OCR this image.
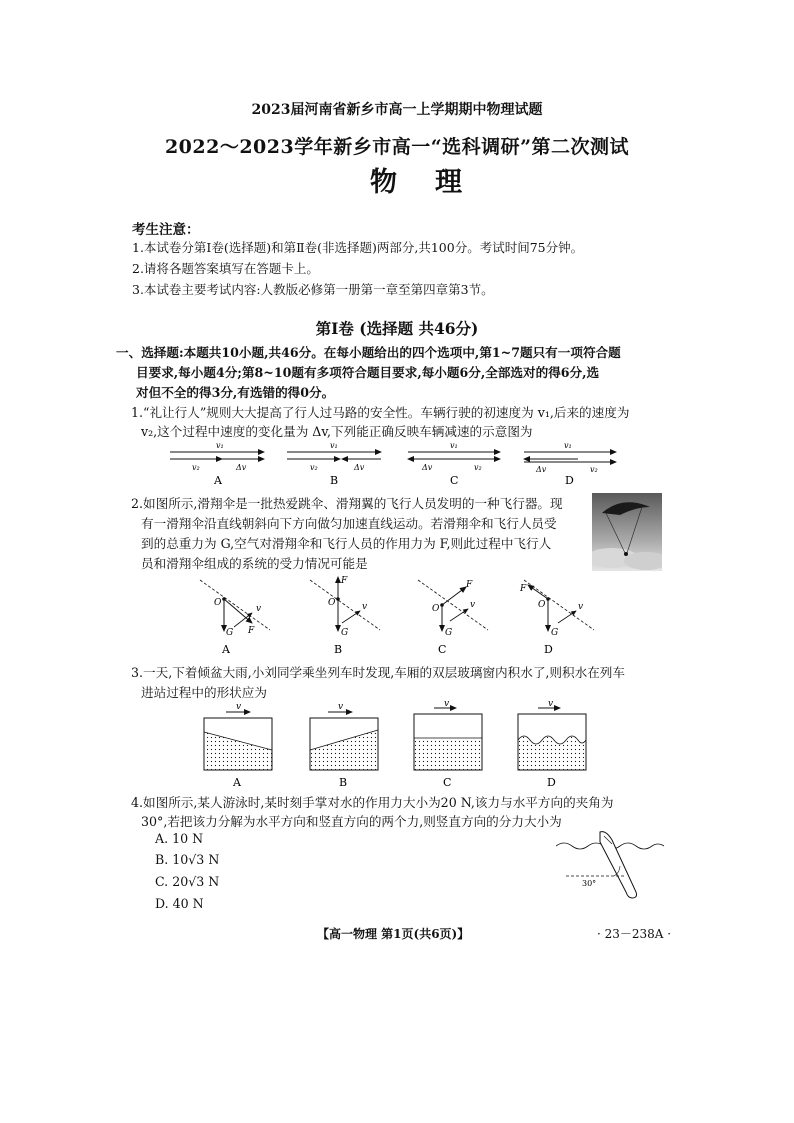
2023届河南省新乡市高一上学期期中物理试题
2022～2023学年新乡市高一“选科调研”第二次测试
物理
考生注意：
1.本试卷分第Ⅰ卷(选择题)和第Ⅱ卷(非选择题)两部分,共100分。考试时间75分钟。
2.请将各题答案填写在答题卡上。
3.本试卷主要考试内容:人教版必修第一册第一章至第四章第3节。
第Ⅰ卷 (选择题 共46分)
一、选择题:本题共10小题,共46分。在每小题给出的四个选项中,第1~7题只有一项符合题
目要求,每小题4分;第8~10题有多项符合题目要求,每小题6分,全部选对的得6分,选
对但不全的得3分,有选错的得0分。
1.“礼让行人”规则大大提高了行人过马路的安全性。车辆行驶的初速度为 v₁,后来的速度为
v₂,这个过程中速度的变化量为 Δv,下列能正确反映车辆减速的示意图为
v₁
v₂	Δv
v₁
v₂	Δv
v₁
Δv	v₂
v₁
Δv	v₂
A	B	C	D
2.如图所示,滑翔伞是一批热爱跳伞、滑翔翼的飞行人员发明的一种飞行器。现
有一滑翔伞沿直线朝斜向下方向做匀加速直线运动。若滑翔伞和飞行人员受
到的总重力为 G,空气对滑翔伞和飞行人员的作用力为 F,则此过程中飞行人
员和滑翔伞组成的系统的受力情况可能是
O
G F
v
O
G
F
v	O
G
F
v	O
G
F
v
A	B	C	D
3.一天,下着倾盆大雨,小刘同学乘坐列车时发现,车厢的双层玻璃窗内积水了,则积水在列车
进站过程中的形状应为
v	v	v	v
A	B	C	D
4.如图所示,某人游泳时,某时刻手掌对水的作用力大小为20 N,该力与水平方向的夹角为
30°,若把该力分解为水平方向和竖直方向的两个力,则竖直方向的分力大小为
A. 10 N
B. 10√3 N
C. 20√3 N
D. 40 N
30°
【高一物理 第1页(共6页)】	· 23－238A ·
